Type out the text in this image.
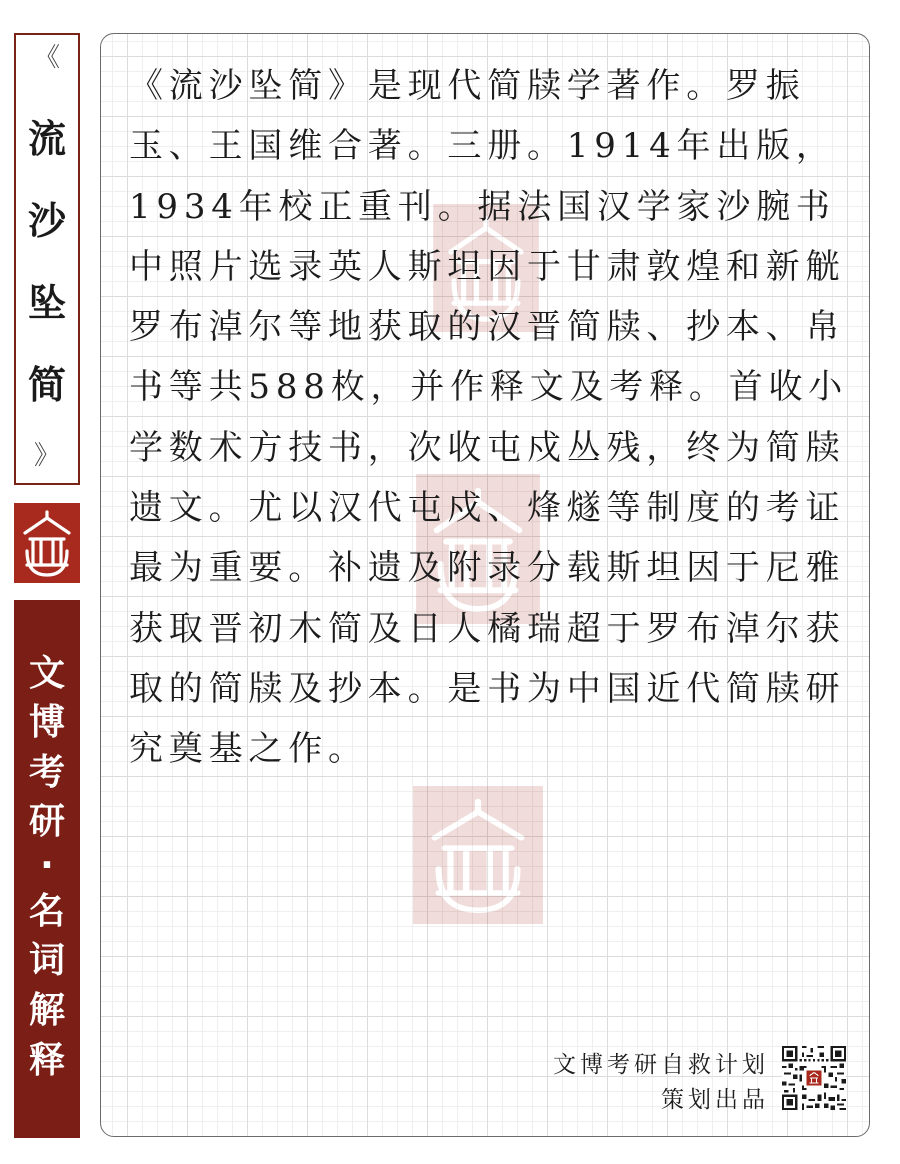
《
流
沙
坠
简
》
文
博
考
研
·
名
词
解
释

《流沙坠简》是现代简牍学著作。罗振玉、王国维合著。三册。1914年出版，1934年校正重刊。据法国汉学家沙腕书中照片选录英人斯坦因于甘肃敦煌和新觥罗布淖尔等地获取的汉晋简牍、抄本、帛书等共588枚，并作释文及考释。首收小学数术方技书，次收屯戍丛残，终为简牍遗文。尤以汉代屯戍、烽燧等制度的考证最为重要。补遗及附录分载斯坦因于尼雅获取晋初木简及日人橘瑞超于罗布淖尔获取的简牍及抄本。是书为中国近代简牍研究奠基之作。

文博考研自救计划
策划出品
